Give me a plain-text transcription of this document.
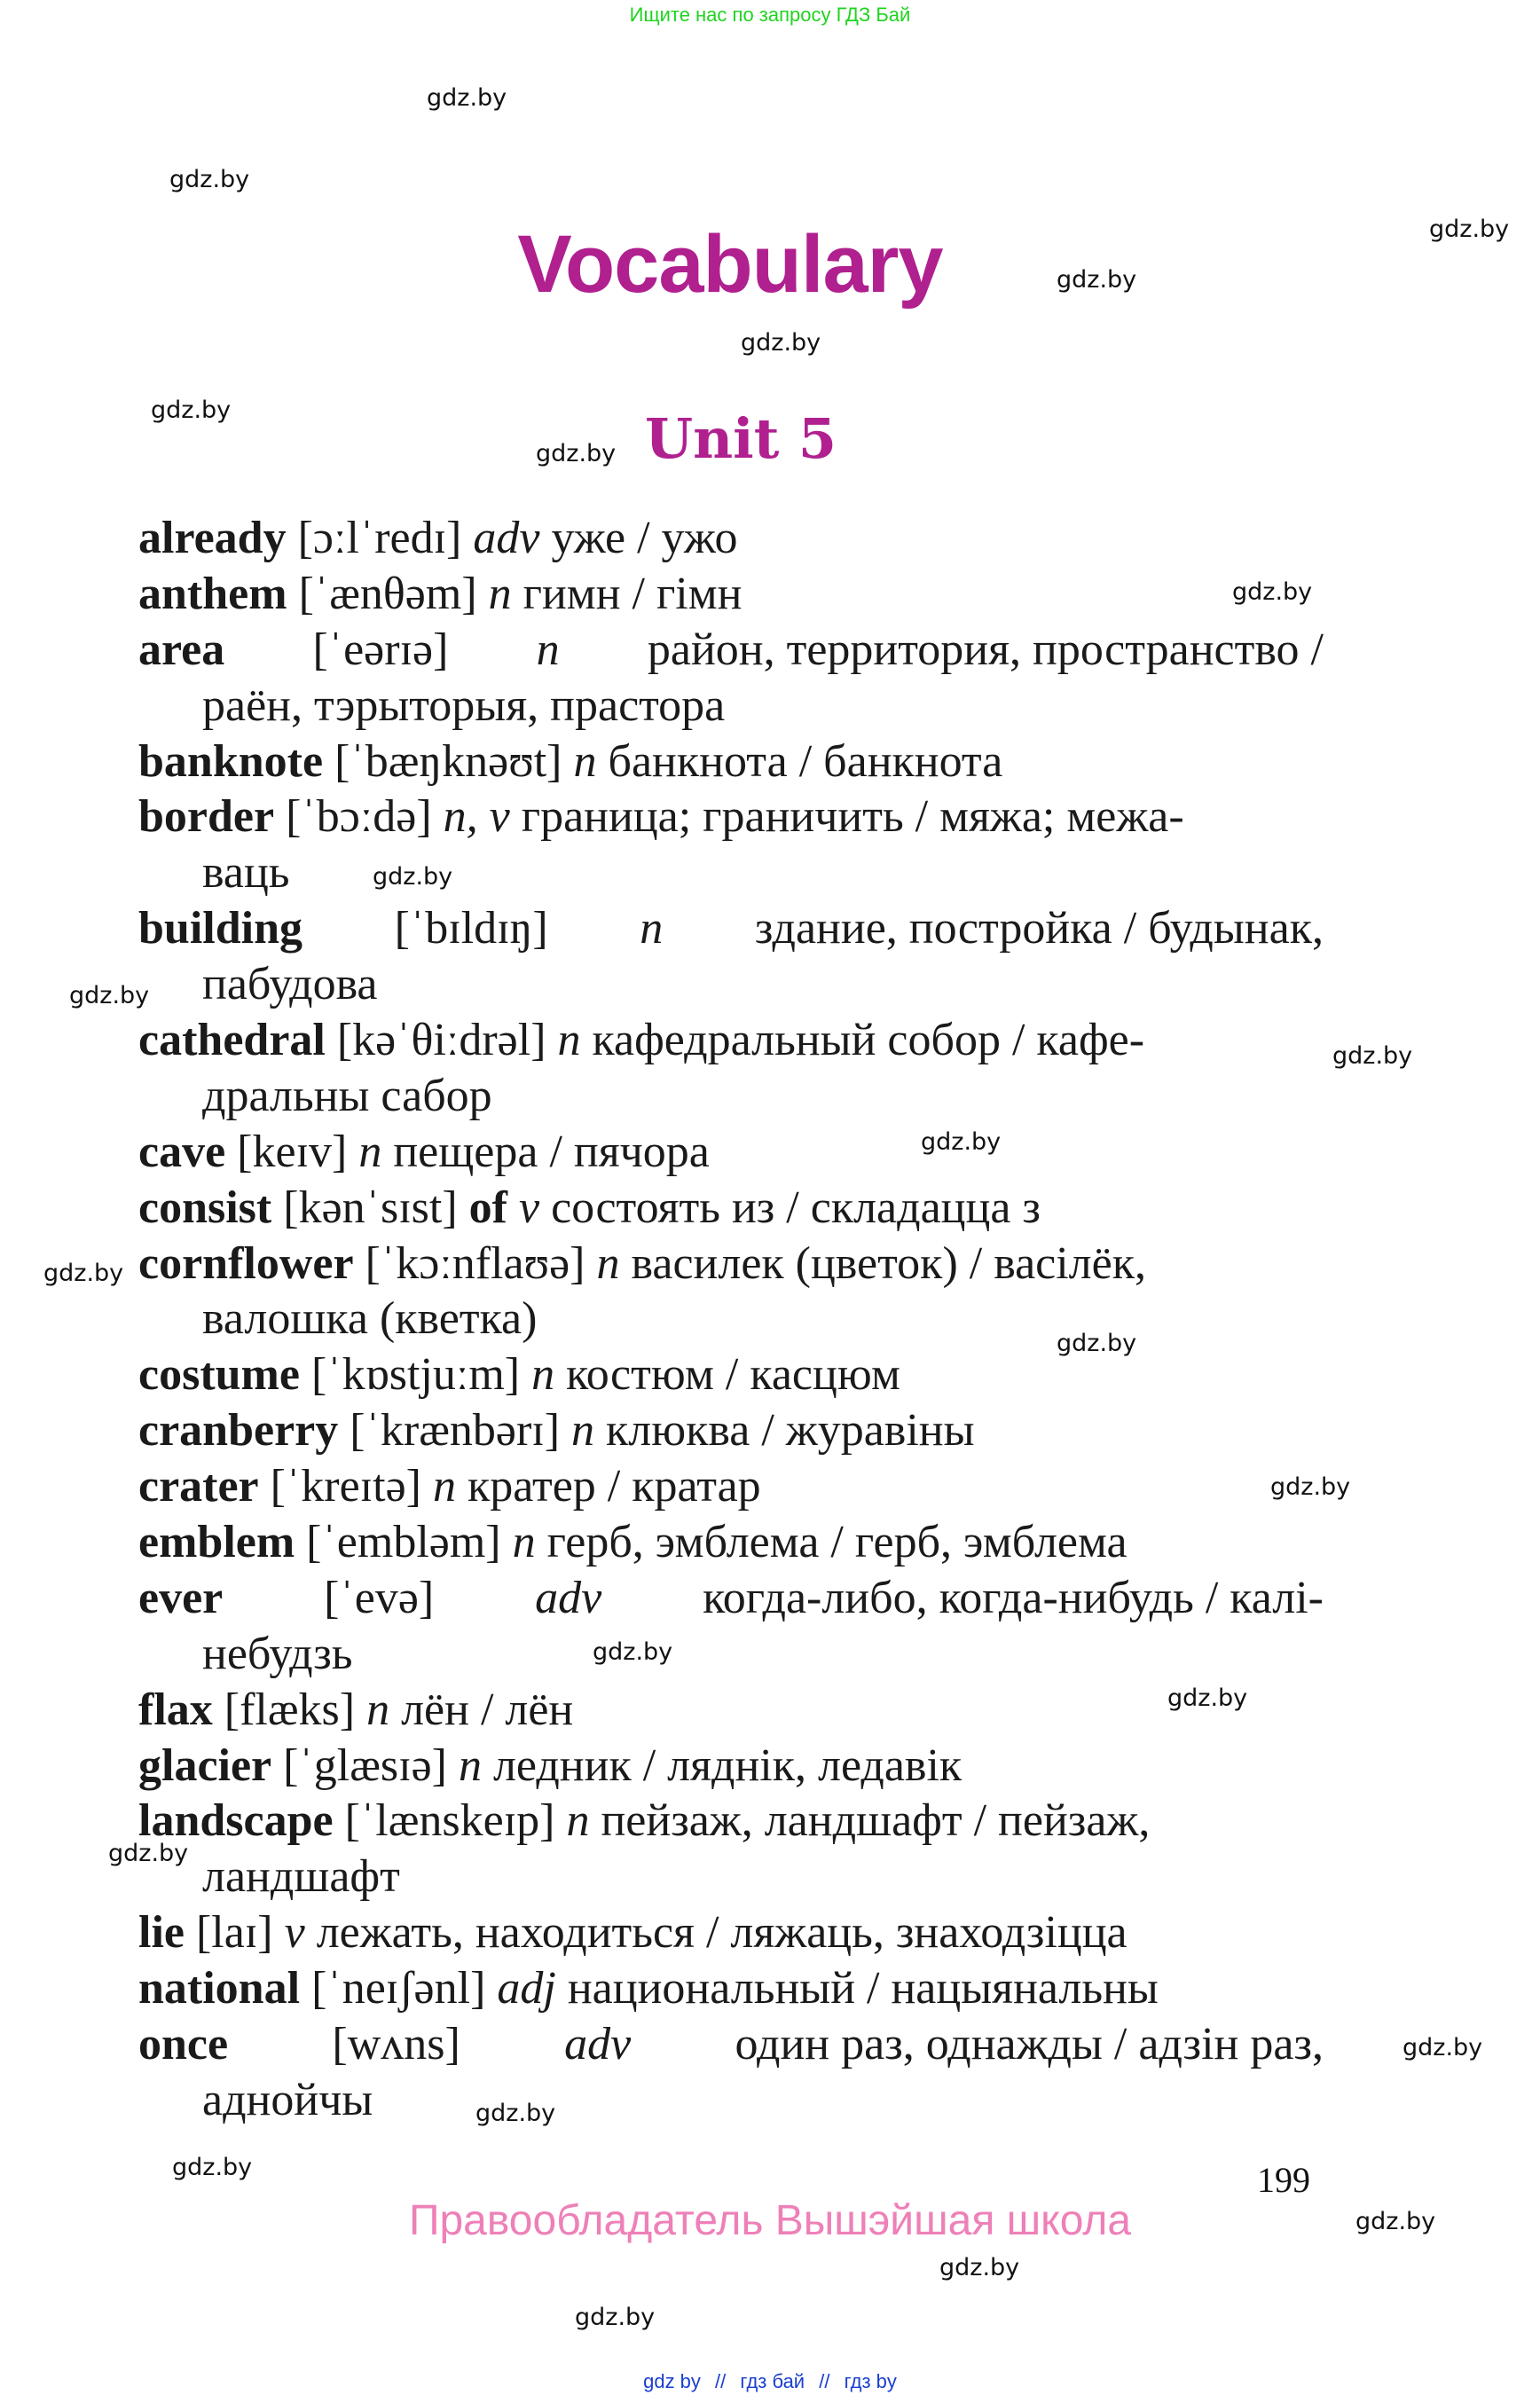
Ищите нас по запросу ГДЗ Бай
Vocabulary
Unit 5
already
[ɔːlˈredɪ]
adv
уже / ужо
anthem
[ˈænθəm]
n
гимн / гімн
area [ˈeərɪə] n район, территория, пространство /
раён, тэрыторыя, прастора
banknote
[ˈbæŋknəʊt]
n
банкнота / банкнота
border
[ˈbɔːdə]
n, v
граница; граничить / мяжа; межа-
ваць
building [ˈbɪldɪŋ] n здание, постройка / будынак,
пабудова
cathedral
[kəˈθiːdrəl]
n
кафедральный собор / кафе-
дральны сабор
cave
[keɪv]
n
пещера / пячора
consist
[kənˈsɪst]
of
v
состоять из / складацца з
cornflower
[ˈkɔːnflaʊə]
n
василек (цветок) / васілёк,
валошка (кветка)
costume
[ˈkɒstjuːm]
n
костюм / касцюм
cranberry
[ˈkrænbərɪ]
n
клюква / журавіны
crater
[ˈkreɪtə]
n
кратер / кратар
emblem
[ˈembləm]
n
герб, эмблема / герб, эмблема
ever [ˈevə] adv когда-либо, когда-нибудь / калі-
небудзь
flax
[flæks]
n
лён / лён
glacier
[ˈglæsɪə]
n
ледник / ляднік, ледавік
landscape
[ˈlænskeɪp]
n
пейзаж, ландшафт / пейзаж,
ландшафт
lie
[laɪ]
v
лежать, находиться / ляжаць, знаходзіцца
national
[ˈneɪʃənl]
adj
национальный / нацыянальны
once [wʌns] adv один раз, однажды / адзін раз,
аднойчы
gdz.by
gdz.by
gdz.by
gdz.by
gdz.by
gdz.by
gdz.by
gdz.by
gdz.by
gdz.by
gdz.by
gdz.by
gdz.by
gdz.by
gdz.by
gdz.by
gdz.by
gdz.by
gdz.by
gdz.by
gdz.by
gdz.by
gdz.by
gdz.by
199
Правообладатель Вышэйшая школа
gdz by // гдз бай // гдз by
